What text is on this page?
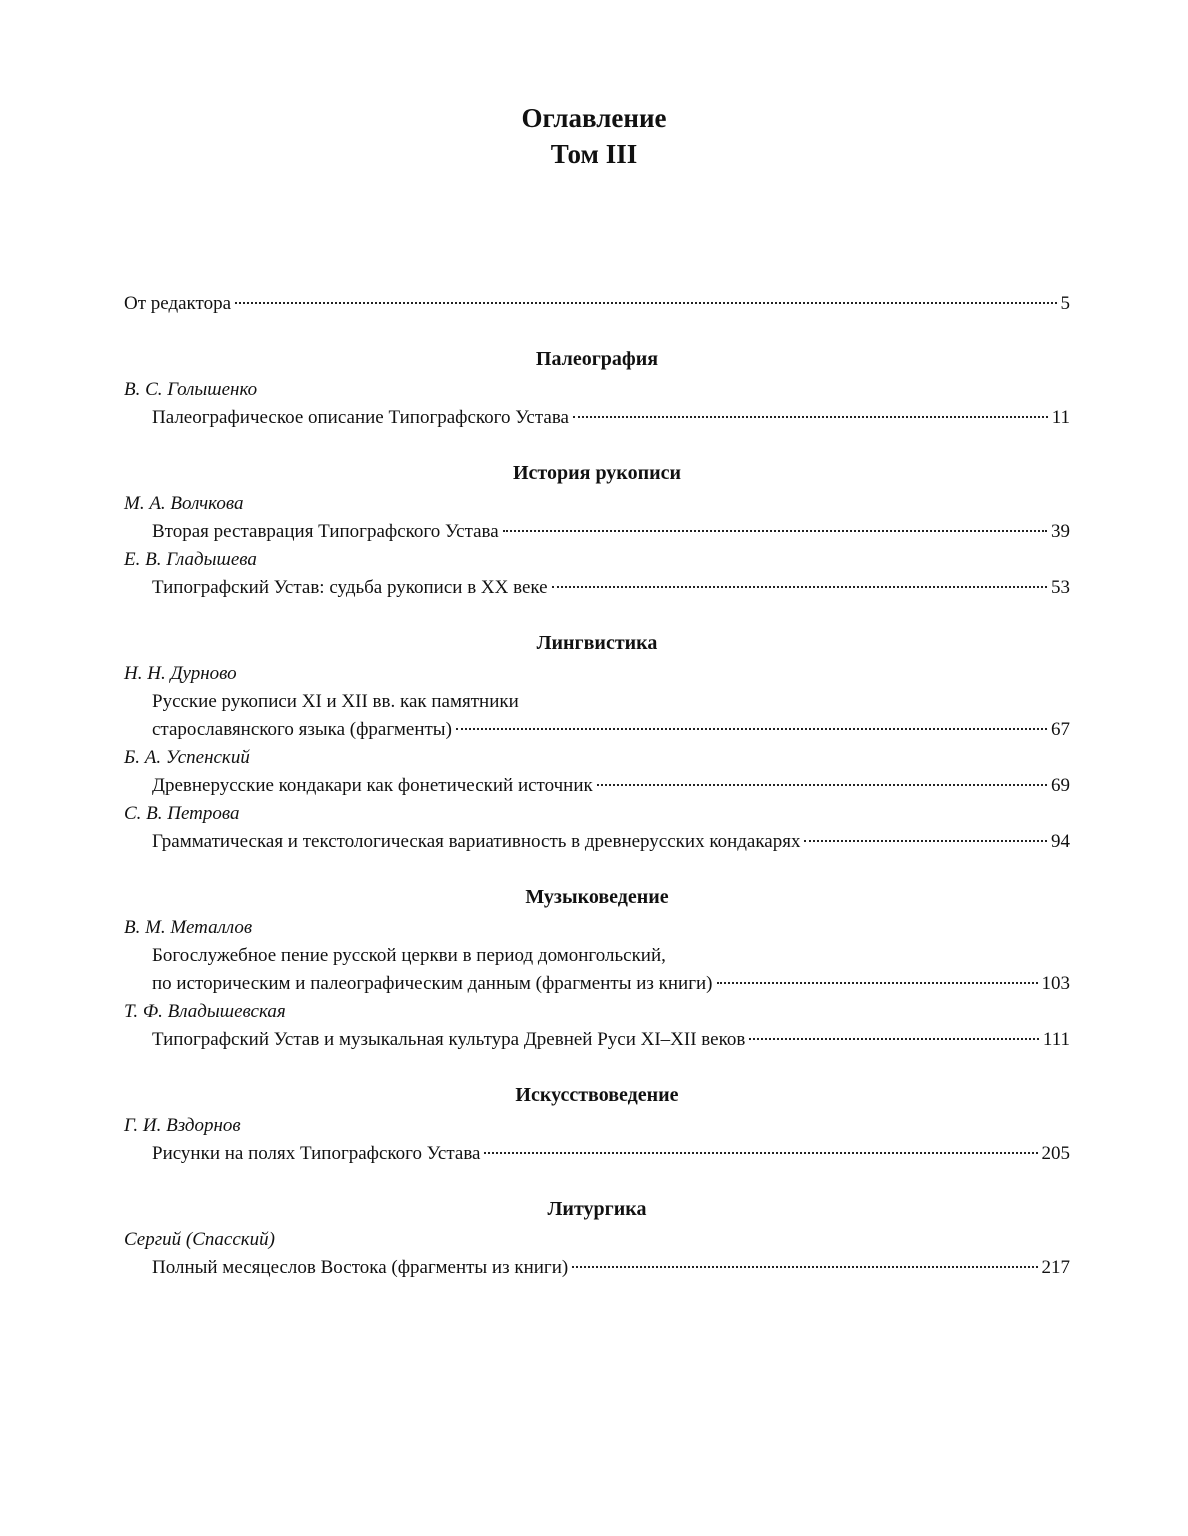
Оглавление
Том III
От редактора	5
Палеография
В. С. Голышенко
Палеографическое описание Типографского Устава	11
История рукописи
М. А. Волчкова
Вторая реставрация Типографского Устава	39
Е. В. Гладышева
Типографский Устав: судьба рукописи в XX веке	53
Лингвистика
Н. Н. Дурново
Русские рукописи XI и XII вв. как памятники
старославянского языка (фрагменты)	67
Б. А. Успенский
Древнерусские кондакари как фонетический источник	69
С. В. Петрова
Грамматическая и текстологическая вариативность в древнерусских кондакарях	94
Музыковедение
В. М. Металлов
Богослужебное пение русской церкви в период домонгольский,
по историческим и палеографическим данным (фрагменты из книги)	103
Т. Ф. Владышевская
Типографский Устав и музыкальная культура Древней Руси XI–XII веков	111
Искусствоведение
Г. И. Вздорнов
Рисунки на полях Типографского Устава	205
Литургика
Сергий (Спасский)
Полный месяцеслов Востока (фрагменты из книги)	217
